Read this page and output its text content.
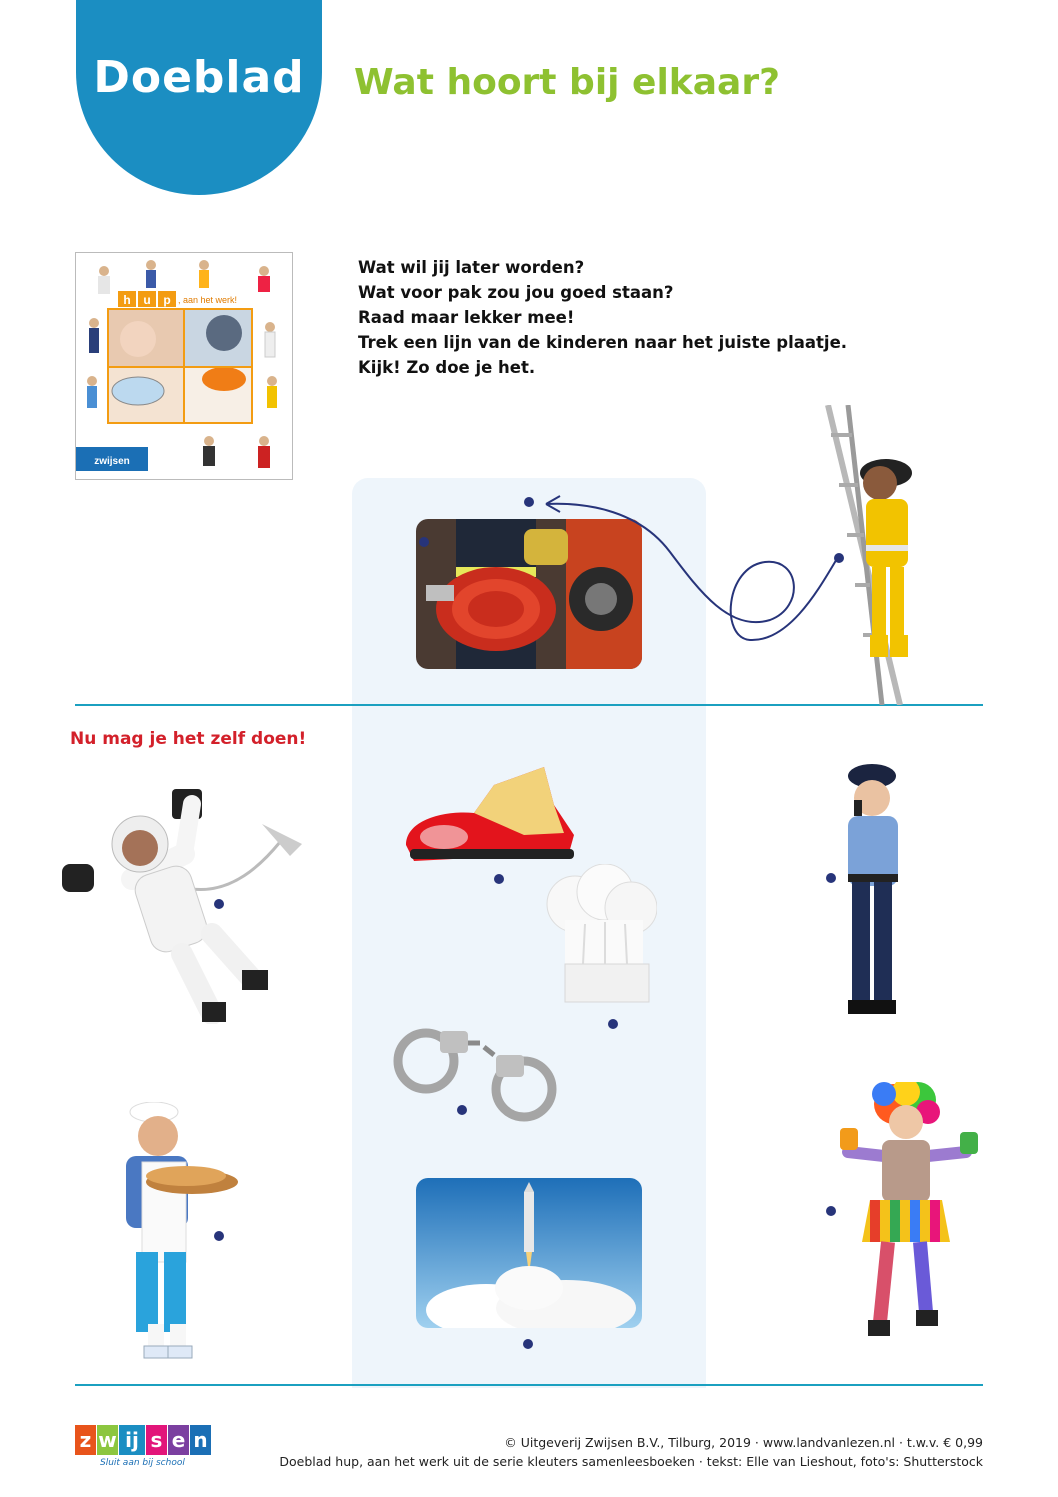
Doeblad	Wat hoort bij elkaar?
h u p , aan het werk!
zwijsen
Wat wil jij later worden?
Wat voor pak zou jou goed staan?
Raad maar lekker mee!
Trek een lijn van de kinderen naar het juiste plaatje.
Kijk! Zo doe je het.
Nu mag je het zelf doen!
z w ij s e n
Sluit aan bij school
© Uitgeverij Zwijsen B.V., Tilburg, 2019 · www.landvanlezen.nl · t.w.v. € 0,99
Doeblad hup, aan het werk uit de serie kleuters samenleesboeken · tekst: Elle van Lieshout, foto's: Shutterstock
